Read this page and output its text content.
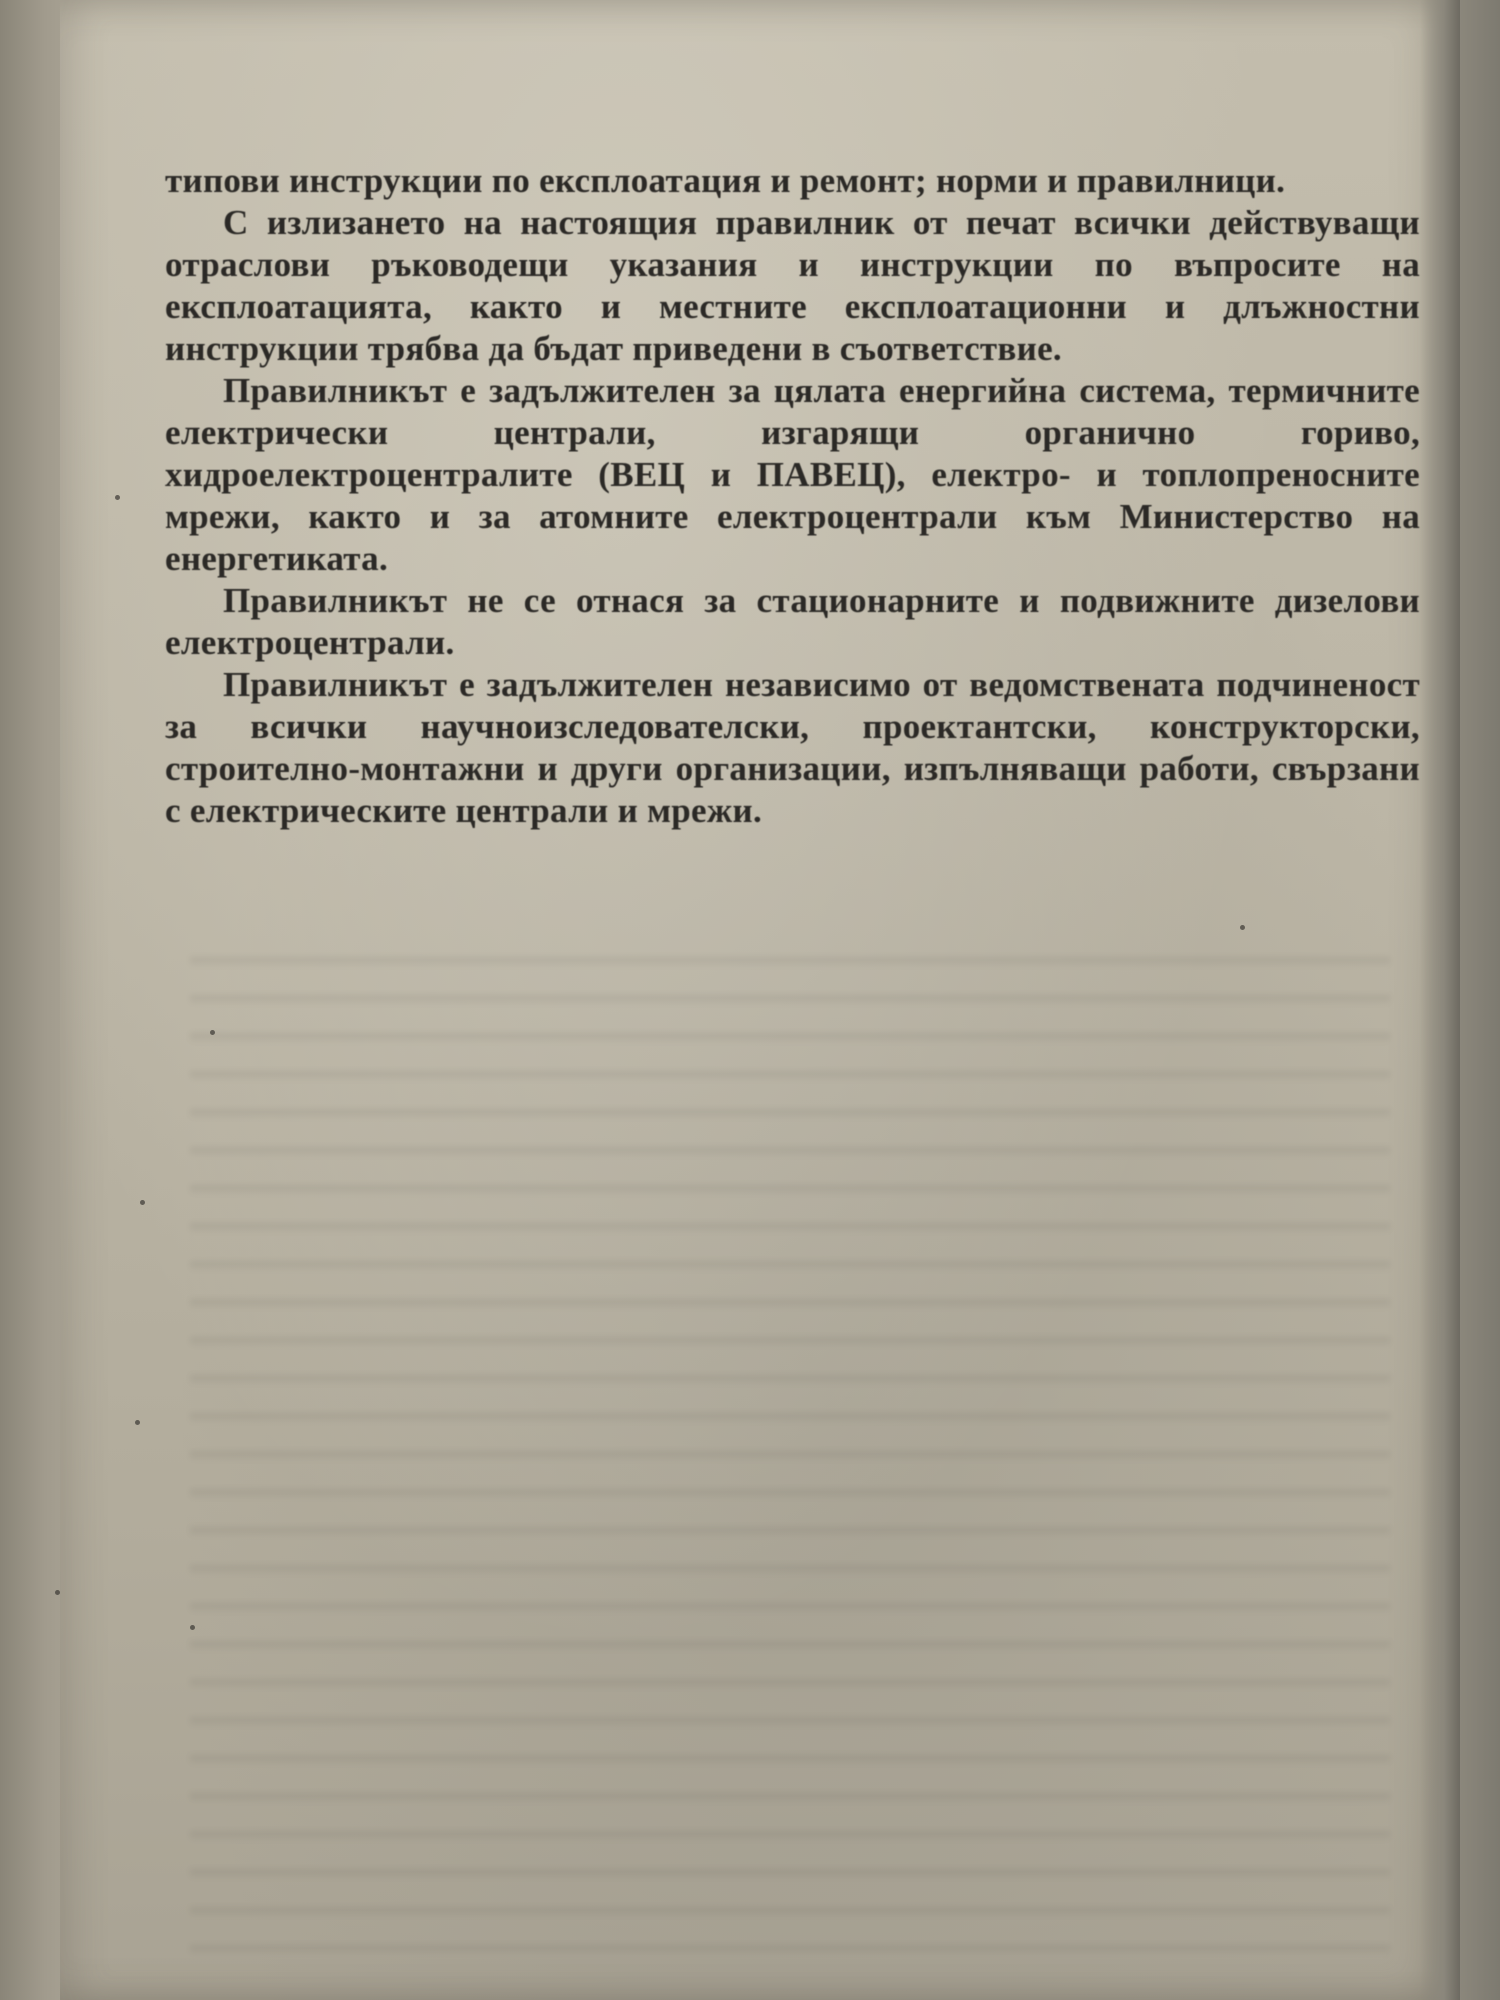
типови инструкции по експлоатация и ремонт; норми и правилници.

С излизането на настоящия правилник от печат всички действуващи отраслови ръководещи указания и инструкции по въпросите на експлоатацията, както и местните експлоатационни и длъжностни инструкции трябва да бъдат приведени в съответствие.

Правилникът е задължителен за цялата енергийна система, термичните електрически централи, изгарящи органично гориво, хидроелектроцентралите (ВЕЦ и ПАВЕЦ), електро- и топлопреносните мрежи, както и за атомните електроцентрали към Министерство на енергетиката.

Правилникът не се отнася за стационарните и подвижните дизелови електроцентрали.

Правилникът е задължителен независимо от ведомствената подчиненост за всички научноизследователски, проектантски, конструкторски, строително-монтажни и други организации, изпълняващи работи, свързани с електрическите централи и мрежи.
